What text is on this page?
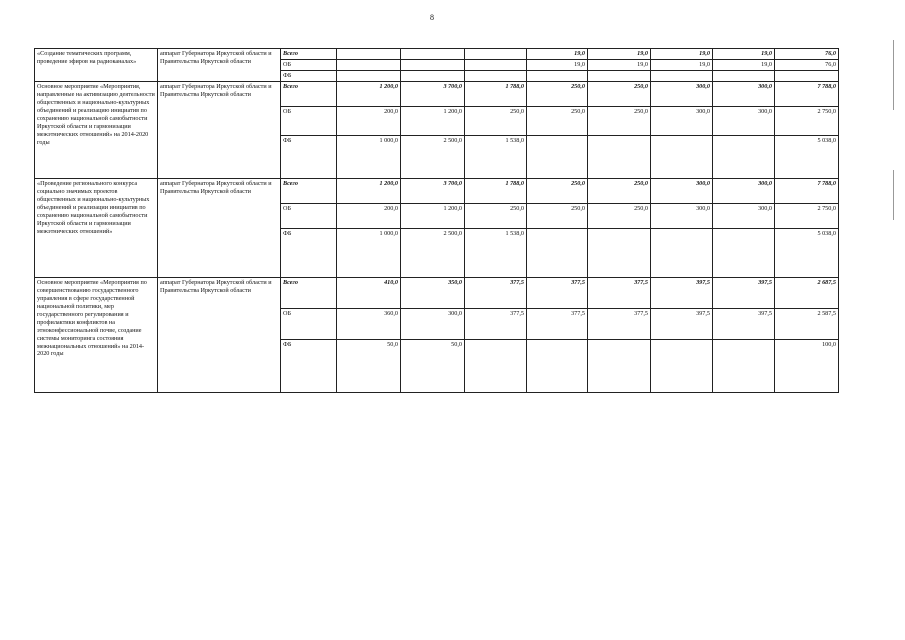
8
«Создание тематических программ, проведение эфиров на радиоканалах»	аппарат Губернатора Иркутской области и Правительства Иркутской области	Всего				19,0	19,0	19,0	19,0	76,0
		ОБ				19,0	19,0	19,0	19,0	76,0
		ФБ								
Основное мероприятие «Мероприятия, направленные на активизацию деятельности общественных и национально-культурных объединений и реализацию инициатив по сохранению национальной самобытности Иркутской области и гармонизации межэтнических отношений» на 2014-2020 годы	аппарат Губернатора Иркутской области и Правительства Иркутской области	Всего	1 200,0	3 700,0	1 788,0	250,0	250,0	300,0	300,0	7 788,0
		ОБ	200,0	1 200,0	250,0	250,0	250,0	300,0	300,0	2 750,0
		ФБ	1 000,0	2 500,0	1 538,0					5 038,0
«Проведение регионального конкурса социально значимых проектов общественных и национально-культурных объединений и реализации инициатив по сохранению национальной самобытности Иркутской области и гармонизации межэтнических отношений»	аппарат Губернатора Иркутской области и Правительства Иркутской области	Всего	1 200,0	3 700,0	1 788,0	250,0	250,0	300,0	300,0	7 788,0
		ОБ	200,0	1 200,0	250,0	250,0	250,0	300,0	300,0	2 750,0
		ФБ	1 000,0	2 500,0	1 538,0					5 038,0
Основное мероприятие «Мероприятия по совершенствованию государственного управления в сфере государственной национальной политики, мер государственного регулирования и профилактики конфликтов на этноконфессиональной почве, создание системы мониторинга состояния межнациональных отношений» на 2014-2020 годы	аппарат Губернатора Иркутской области и Правительства Иркутской области	Всего	410,0	350,0	377,5	377,5	377,5	397,5	397,5	2 687,5
		ОБ	360,0	300,0	377,5	377,5	377,5	397,5	397,5	2 587,5
		ФБ	50,0	50,0						100,0
